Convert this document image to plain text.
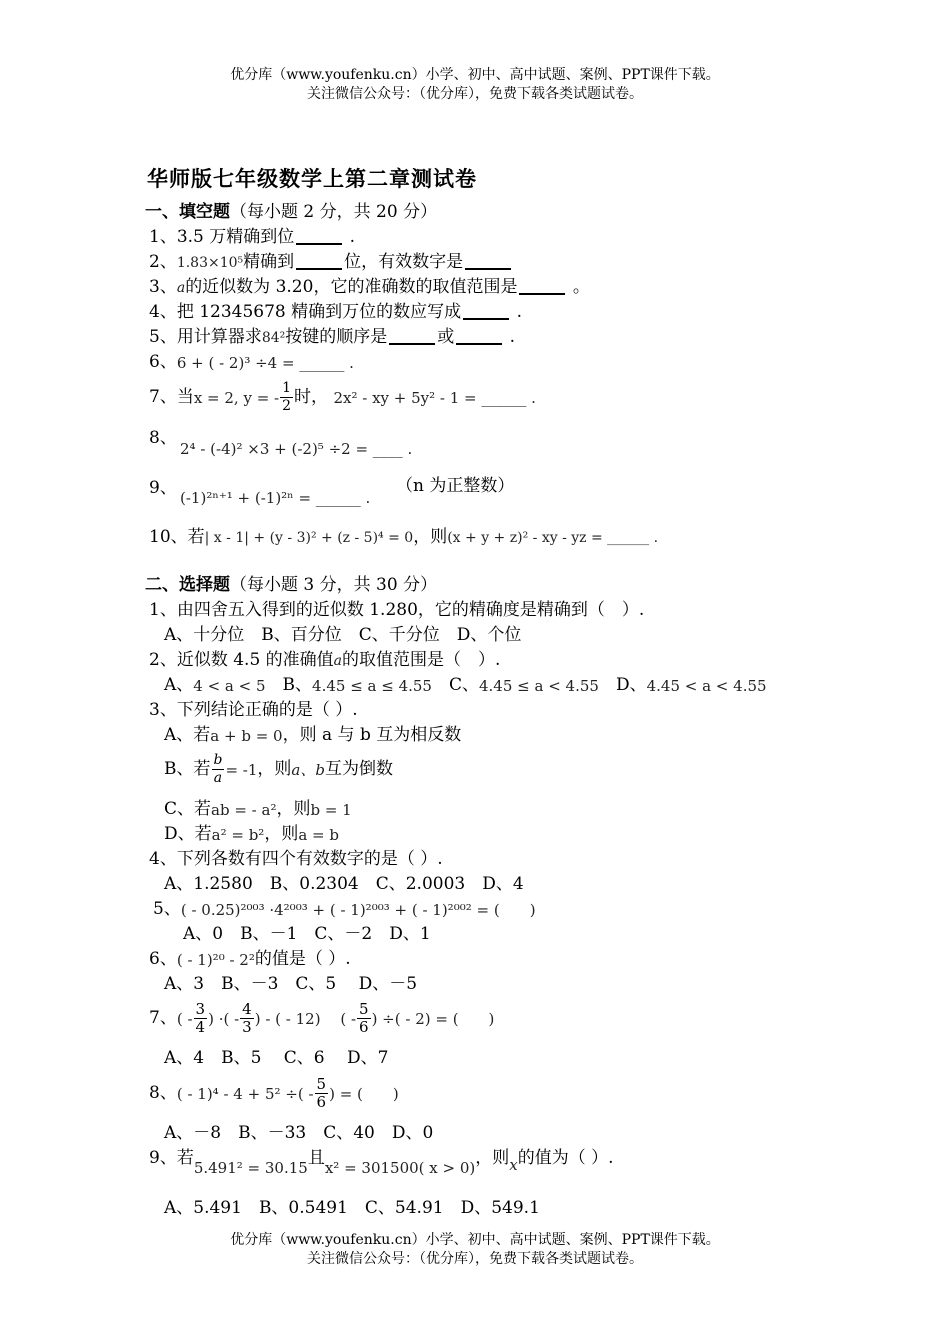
优分库（www.youfenku.cn）小学、初中、高中试题、案例、PPT课件下载。
关注微信公众号：（优分库），免费下载各类试题试卷。
华师版七年级数学上第二章测试卷
一、填空题（每小题 2 分，共 20 分）
1、3.5 万精确到位	.
2、1.83×10⁵精确到	位，有效数字是
3、a的近似数为 3.20，它的准确数的取值范围是	。
4、把 12345678 精确到万位的数应写成	.
5、用计算器求84²按键的顺序是	或	.
6、6 + ( - 2)³ ÷4 = ______ .
7、当x = 2, y = - $\frac{1}{2}$ 时， 2x² - xy + 5y² - 1 = ______ .
8、
2⁴ - (-4)² ×3 + (-2)⁵ ÷2 = ____ .
9、 (-1)²ⁿ⁺¹ + (-1)²ⁿ = ______ .
（n 为正整数）
10、若| x - 1| + (y - 3)² + (z - 5)⁴ = 0，则(x + y + z)² - xy - yz = ______ .
二、选择题（每小题 3 分，共 30 分）
1、由四舍五入得到的近似数 1.280，它的精确度是精确到（　）.
A、十分位　B、百分位　C、千分位　D、个位
2、近似数 4.5 的准确值a的取值范围是（　）.
A、4 < a < 5　B、4.45 ≤ a ≤ 4.55　C、4.45 ≤ a < 4.55　D、4.45 < a < 4.55
3、下列结论正确的是（ ）.
A、若a + b = 0，则 a 与 b 互为相反数
B、若 $\frac{b}{a} = -1$，则a、b互为倒数
C、若ab = - a²，则b = 1
D、若a² = b²，则a = b
4、下列各数有四个有效数字的是（ ）.
A、1.2580　B、0.2304　C、2.0003　D、4
5、( - 0.25)²⁰⁰³ ·4²⁰⁰³ + ( - 1)²⁰⁰³ + ( - 1)²⁰⁰² = (　　)
A、0　B、－1　C、－2　D、1
6、( - 1)²⁰ - 2²的值是（ ）.
A、3　B、－3　C、5　 D、－5
7、( - $\frac{3}{4}$ ) ·( - $\frac{4}{3}$ ) - ( - 12)　 ( - $\frac{5}{6}$ ) ÷( - 2) = (　　)
A、4　B、5　 C、6　 D、7
8、( - 1)⁴ - 4 + 5² ÷( - $\frac{5}{6}$ ) = (　　)
A、－8　B、－33　C、40　D、0
9、若5.491² = 30.15且x² = 301500( x > 0)，则x的值为（ ）.
A、5.491　B、0.5491　C、54.91　D、549.1
优分库（www.youfenku.cn）小学、初中、高中试题、案例、PPT课件下载。
关注微信公众号：（优分库），免费下载各类试题试卷。
